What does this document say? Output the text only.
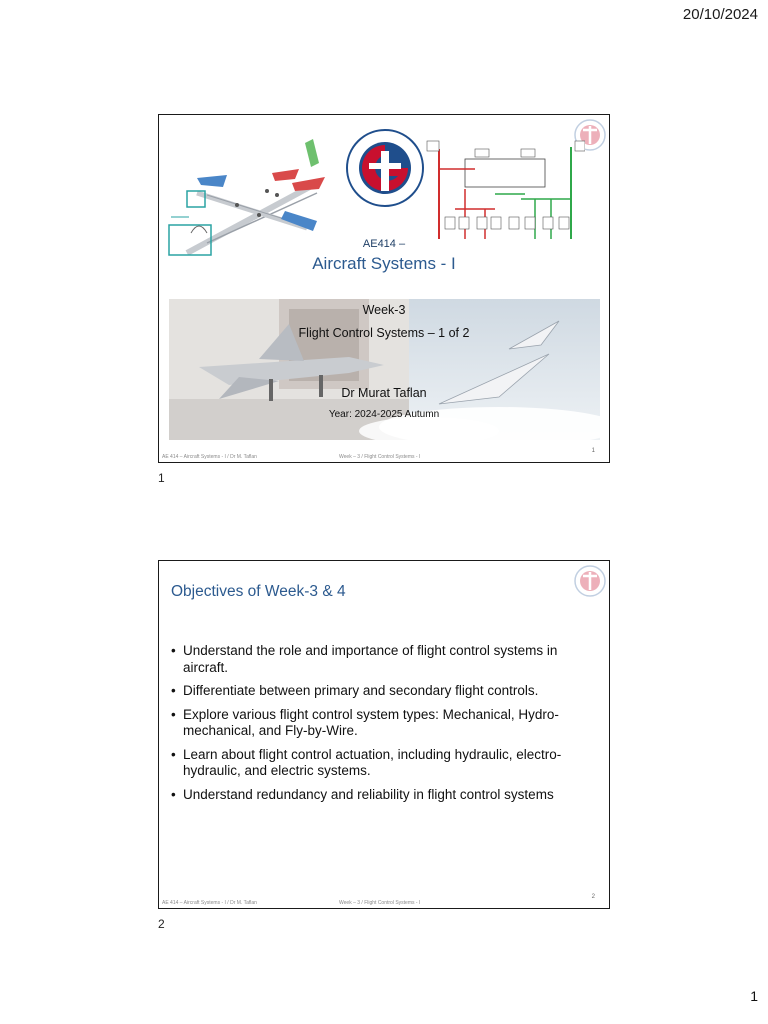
20/10/2024
AE414 –
Aircraft Systems - I
Week-3
Flight Control Systems – 1 of 2
Dr Murat Taflan
Year: 2024-2025 Autumn
AE 414 – Aircraft Systems - I / Dr M. Taflan	Week – 3 / Flight Control Systems - I
1
1
Objectives of Week-3 & 4
• Understand the role and importance of flight control systems in aircraft.
• Differentiate between primary and secondary flight controls.
• Explore various flight control system types: Mechanical, Hydro-mechanical, and Fly-by-Wire.
• Learn about flight control actuation, including hydraulic, electro-hydraulic, and electric systems.
• Understand redundancy and reliability in flight control systems
AE 414 – Aircraft Systems - I / Dr M. Taflan	Week – 3 / Flight Control Systems - I
2
2
1
